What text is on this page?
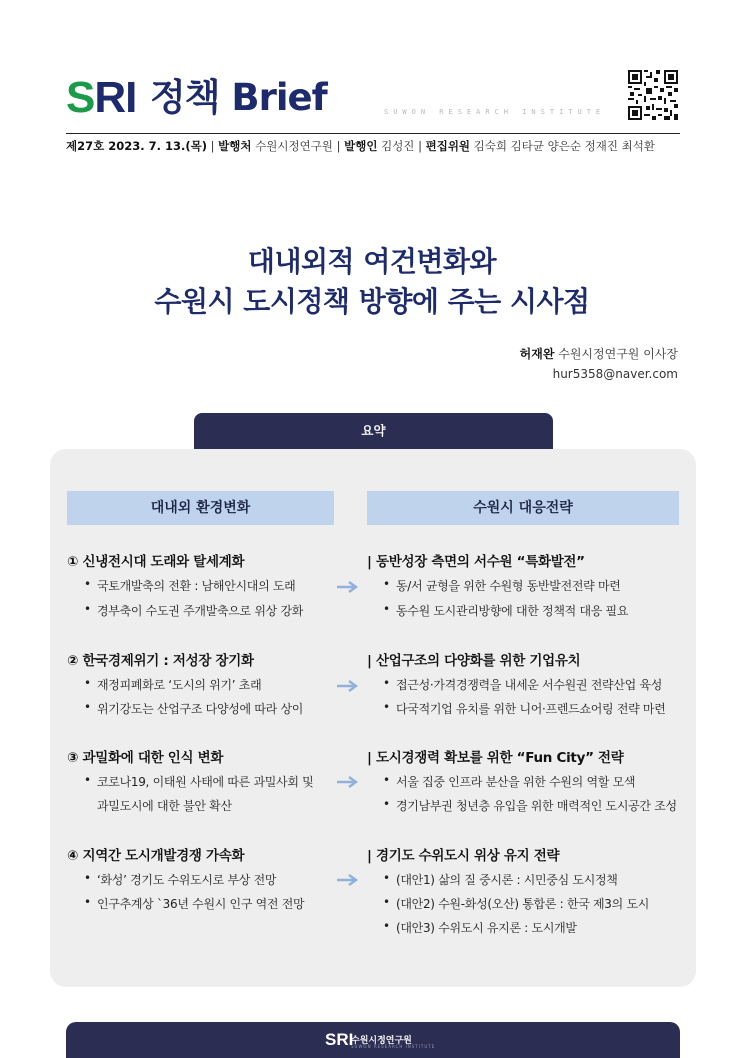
SRI 정책 Brief	SUWON RESEARCH INSTITUTE
제27호 2023. 7. 13.(목) | 발행처 수원시정연구원 | 발행인 김성진 | 편집위원 김숙희 김타균 양은순 정재진 최석환
대내외적 여건변화와
수원시 도시정책 방향에 주는 시사점
허재완 수원시정연구원 이사장
hur5358@naver.com
요약
대내외 환경변화	수원시 대응전략
① 신냉전시대 도래와 탈세계화
• 국토개발축의 전환 : 남해안시대의 도래
• 경부축이 수도권 주개발축으로 위상 강화
② 한국경제위기 : 저성장 장기화
• 재정피폐화로 ‘도시의 위기’ 초래
• 위기강도는 산업구조 다양성에 따라 상이
③ 과밀화에 대한 인식 변화
• 코로나19, 이태원 사태에 따른 과밀사회 및
과밀도시에 대한 불안 확산
④ 지역간 도시개발경쟁 가속화
• ‘화성’ 경기도 수위도시로 부상 전망
• 인구추계상 `36년 수원시 인구 역전 전망
| 동반성장 측면의 서수원 “특화발전”
• 동/서 균형을 위한 수원형 동반발전전략 마련
• 동수원 도시관리방향에 대한 정책적 대응 필요
| 산업구조의 다양화를 위한 기업유치
• 접근성·가격경쟁력을 내세운 서수원권 전략산업 육성
• 다국적기업 유치를 위한 니어·프렌드쇼어링 전략 마련
| 도시경쟁력 확보를 위한 “Fun City” 전략
• 서울 집중 인프라 분산을 위한 수원의 역할 모색
• 경기남부권 청년층 유입을 위한 매력적인 도시공간 조성
| 경기도 수위도시 위상 유지 전략
• (대안1) 삶의 질 중시론 : 시민중심 도시정책
• (대안2) 수원-화성(오산) 통합론 : 한국 제3의 도시
• (대안3) 수위도시 유지론 : 도시개발
SRI
수원시정연구원
SUWON RESEARCH INSTITUTE
